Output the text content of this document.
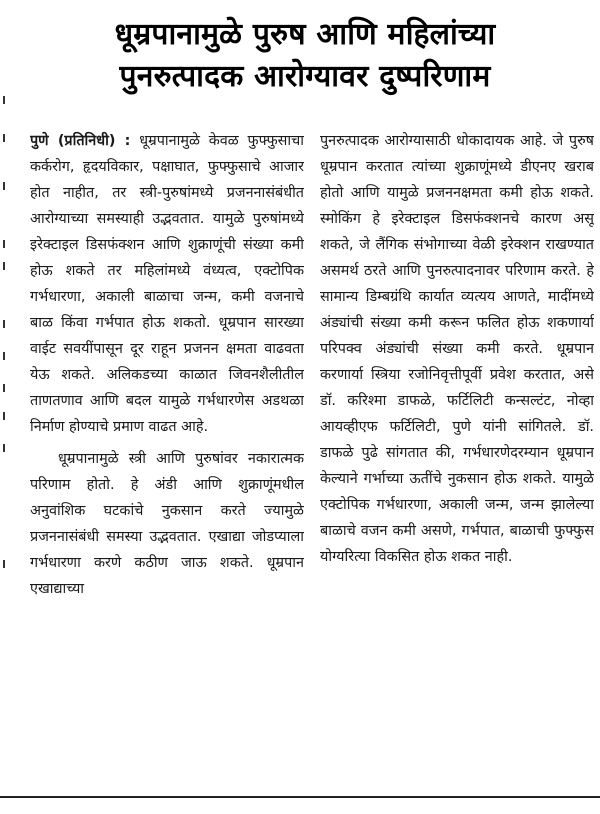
धूम्रपानामुळे पुरुष आणि महिलांच्या
पुनरुत्पादक आरोग्यावर दुष्परिणाम

पुणे (प्रतिनिधी) : धूम्रपानामुळे केवळ फुफ्फुसाचा कर्करोग, हृदयविकार, पक्षाघात, फुफ्फुसाचे आजार होत नाहीत, तर स्त्री-पुरुषांमध्ये प्रजननासंबंधीत आरोग्याच्या समस्याही उद्भवतात. यामुळे पुरुषांमध्ये इरेक्टाइल डिसफंक्शन आणि शुक्राणूंची संख्या कमी होऊ शकते तर महिलांमध्ये वंध्यत्व, एक्टोपिक गर्भधारणा, अकाली बाळाचा जन्म, कमी वजनाचे बाळ किंवा गर्भपात होऊ शकतो. धूम्रपान सारख्या वाईट सवयींपासून दूर राहून प्रजनन क्षमता वाढवता येऊ शकते. अलिकडच्या काळात जिवनशैलीतील ताणतणाव आणि बदल यामुळे गर्भधारणेस अडथळा निर्माण होण्याचे प्रमाण वाढत आहे.

धूम्रपानामुळे स्त्री आणि पुरुषांवर नकारात्मक परिणाम होतो. हे अंडी आणि शुक्राणूंमधील अनुवांशिक घटकांचे नुकसान करते ज्यामुळे प्रजननासंबंधी समस्या उद्भवतात. एखाद्या जोडप्याला गर्भधारणा करणे कठीण जाऊ शकते. धूम्रपान एखाद्याच्या

पुनरुत्पादक आरोग्यासाठी धोकादायक आहे. जे पुरुष धूम्रपान करतात त्यांच्या शुक्राणूंमध्ये डीएनए खराब होतो आणि यामुळे प्रजननक्षमता कमी होऊ शकते. स्मोकिंग हे इरेक्टाइल डिसफंक्शनचे कारण असू शकते, जे लैंगिक संभोगाच्या वेळी इरेक्शन राखण्यात असमर्थ ठरते आणि पुनरुत्पादनावर परिणाम करते. हे सामान्य डिम्बग्रंथि कार्यात व्यत्यय आणते, मादींमध्ये अंड्यांची संख्या कमी करून फलित होऊ शकणार्या परिपक्व अंड्यांची संख्या कमी करते. धूम्रपान करणार्या स्त्रिया रजोनिवृत्तीपूर्वी प्रवेश करतात, असे डॉ. करिश्मा डाफळे, फर्टिलिटी कन्सल्टंट, नोव्हा आयव्हीएफ फर्टिलिटी, पुणे यांनी सांगितले. डॉ. डाफळे पुढे सांगतात की, गर्भधारणेदरम्यान धूम्रपान केल्याने गर्भाच्या ऊतींचे नुकसान होऊ शकते. यामुळे एक्टोपिक गर्भधारणा, अकाली जन्म, जन्म झालेल्या बाळाचे वजन कमी असणे, गर्भपात, बाळाची फुफ्फुस योग्यरित्या विकसित होऊ शकत नाही.
